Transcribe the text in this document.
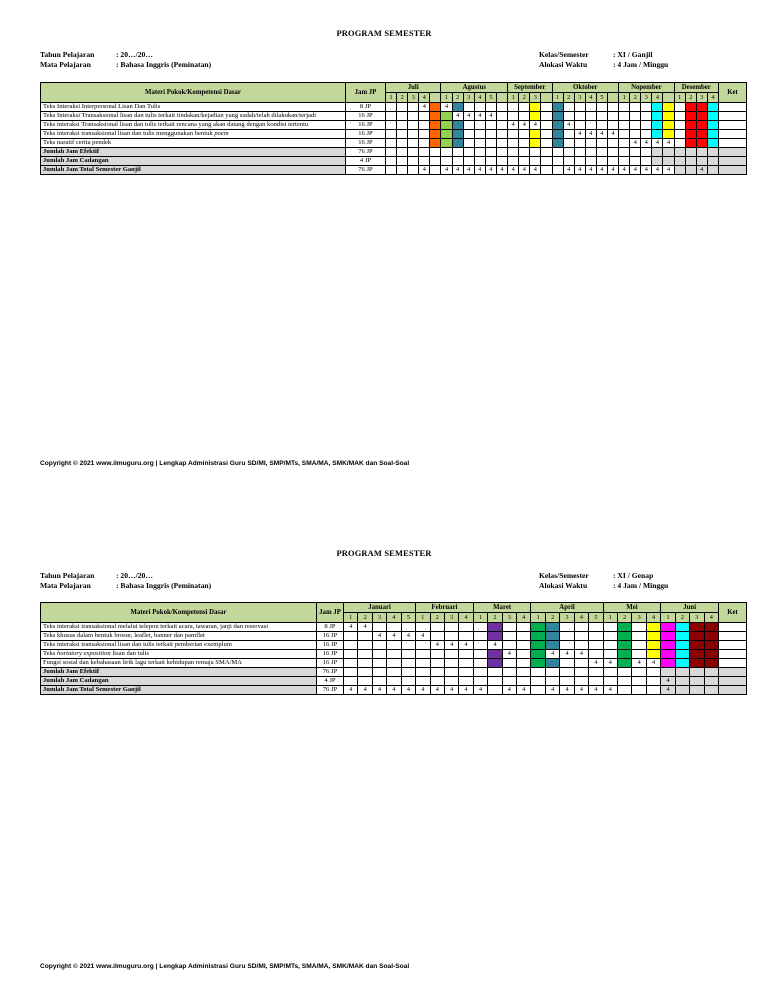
PROGRAM SEMESTER
Tahun Pelajaran	: 20…/20…
Mata Pelajaran	: Bahasa Inggris (Peminatan)
Kelas/Semester	: XI / Ganjil
Alokasi Waktu	: 4 Jam / Minggu
Materi Pokok/Kompetensi Dasar	Jam JP	Juli					Agustus						September				Oktober						Nopember					Desember				Ket
		1	2	3	4		1	2	3	4	5		1	2	3		1	2	3	4	5		1	2	3	4		1	2	3	4	
Teks Interaksi Interpersonal Lisan Dan Tulis	8 JP				4		4																									
Teks Interaksi Transaksional lisan dan tulis terkait tindakan/kejadian yang sudah/telah dilakukan/terjadi	16 JP							4	4	4	4																					
Teks interaksi Transaksional lisan dan tulis terkait rencana yang akan datang dengan kondisi tertentu	16 JP												4	4	4			4														
Teks interaksi transaksional lisan dan tulis menggunakan bentuk poem	16 JP																		4	4	4	4										
Teks naratif cerita pendek	16 JP																							4	4	4	4					
Jumlah Jam Efektif	76 JP																															
Jumlah Jam Cadangan	4 JP																															
Jumlah Jam Total Semester Ganjil	76 JP				4		4	4	4	4	4	4	4	4	4			4	4	4	4	4	4	4	4	4	4			4		
Copyright © 2021 www.ilmuguru.org | Lengkap Administrasi Guru SD/MI, SMP/MTs, SMA/MA, SMK/MAK dan Soal-Soal
PROGRAM SEMESTER
Tahun Pelajaran	: 20…/20…
Mata Pelajaran	: Bahasa Inggris (Peminatan)
Kelas/Semester	: XI / Genap
Alokasi Waktu	: 4 Jam / Minggu
Materi Pokok/Kompetensi Dasar	Jam JP	Januari					Februari				Maret				April					Mei				Juni				Ket
		1	2	3	4	5	1	2	3	4	1	2	3	4	1	2	3	4	5	1	2	3	4	1	2	3	4	
Teks interaksi transaksional melalui telepon terkait acara, tawaran, janji dan reservasi	8 JP	4	4																									
Teks khusus dalam bentuk brosur, leaflet, banner dan pamflet	16 JP			4	4	4	4																					
Teks interaksi transaksional lisan dan tulis terkait pemberian exemplum	16 JP							4	4	4		4																
Teks hortatory exposition lisan dan tulis	16 JP												4			4	4	4										
Fungsi sosial dan kebahasaan lirik lagu terkait kehidupan remaja SMA/MA	16 JP																		4	4		4	4					
Jumlah Jam Efektif	76 JP																											
Jumlah Jam Cadangan	4 JP																							4				
Jumlah Jam Total Semester Ganjil	76 JP	4	4	4	4	4	4	4	4	4	4		4	4		4	4	4	4	4				4				
Copyright © 2021 www.ilmuguru.org | Lengkap Administrasi Guru SD/MI, SMP/MTs, SMA/MA, SMK/MAK dan Soal-Soal
